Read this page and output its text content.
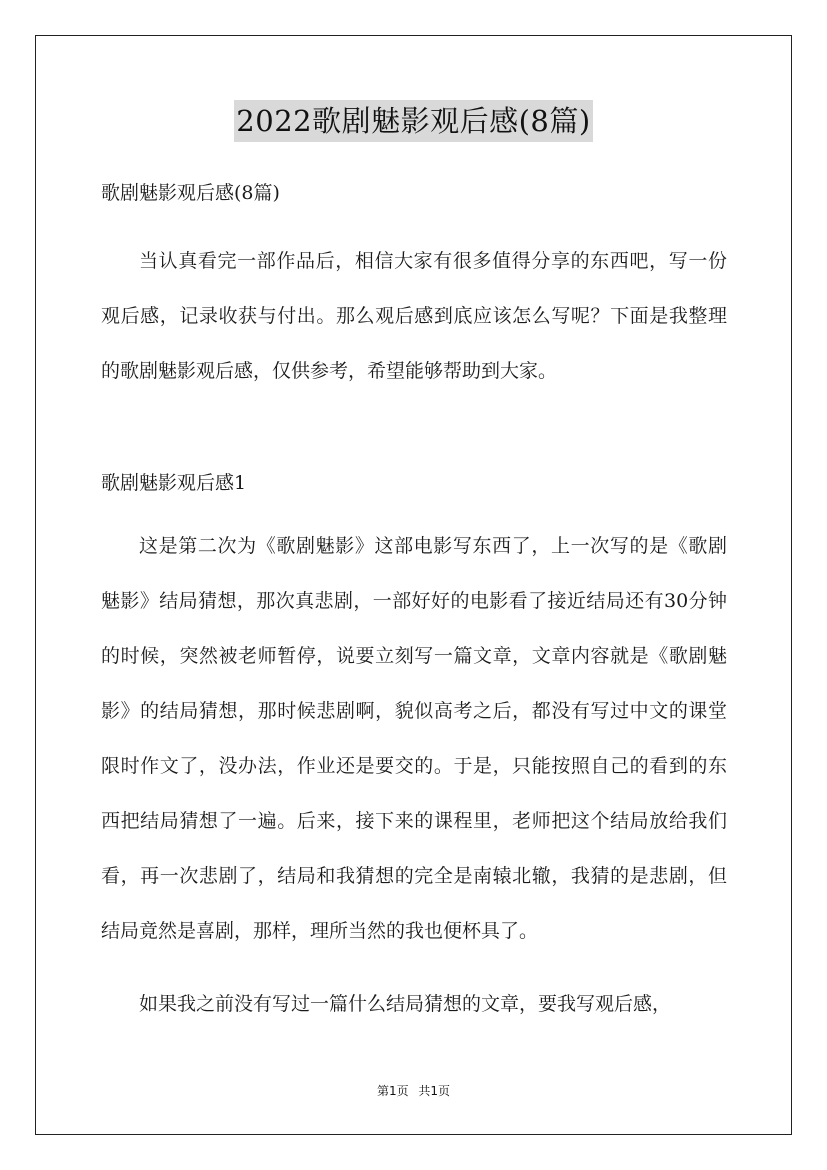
2022歌剧魅影观后感(8篇)

歌剧魅影观后感(8篇)

当认真看完一部作品后，相信大家有很多值得分享的东西吧，写一份观后感，记录收获与付出。那么观后感到底应该怎么写呢？下面是我整理的歌剧魅影观后感，仅供参考，希望能够帮助到大家。

歌剧魅影观后感1

这是第二次为《歌剧魅影》这部电影写东西了，上一次写的是《歌剧魅影》结局猜想，那次真悲剧，一部好好的电影看了接近结局还有30分钟的时候，突然被老师暂停，说要立刻写一篇文章，文章内容就是《歌剧魅影》的结局猜想，那时候悲剧啊，貌似高考之后，都没有写过中文的课堂限时作文了，没办法，作业还是要交的。于是，只能按照自己的看到的东西把结局猜想了一遍。后来，接下来的课程里，老师把这个结局放给我们看，再一次悲剧了，结局和我猜想的完全是南辕北辙，我猜的是悲剧，但结局竟然是喜剧，那样，理所当然的我也便杯具了。

如果我之前没有写过一篇什么结局猜想的文章，要我写观后感，

第1页 共1页
